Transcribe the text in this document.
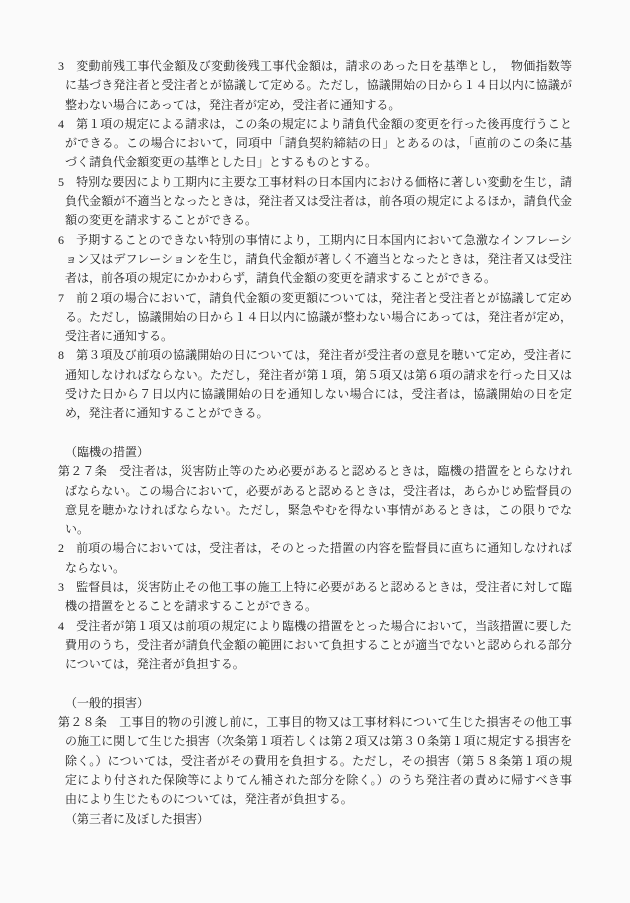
3 変動前残工事代金額及び変動後残工事代金額は，請求のあった日を基準とし，　物価指数等に基づき発注者と受注者とが協議して定める。ただし，協議開始の日から１４日以内に協議が整わない場合にあっては，発注者が定め，受注者に通知する。

4 第１項の規定による請求は，この条の規定により請負代金額の変更を行った後再度行うことができる。この場合において，同項中「請負契約締結の日」とあるのは，「直前のこの条に基づく請負代金額変更の基準とした日」とするものとする。

5 特別な要因により工期内に主要な工事材料の日本国内における価格に著しい変動を生じ，請負代金額が不適当となったときは，発注者又は受注者は，前各項の規定によるほか，請負代金額の変更を請求することができる。

6 予期することのできない特別の事情により，工期内に日本国内において急激なインフレーション又はデフレーションを生じ，請負代金額が著しく不適当となったときは，発注者又は受注者は，前各項の規定にかかわらず，請負代金額の変更を請求することができる。

7 前２項の場合において，請負代金額の変更額については，発注者と受注者とが協議して定める。ただし，協議開始の日から１４日以内に協議が整わない場合にあっては，発注者が定め，受注者に通知する。

8 第３項及び前項の協議開始の日については，発注者が受注者の意見を聴いて定め，受注者に通知しなければならない。ただし，発注者が第１項，第５項又は第６項の請求を行った日又は受けた日から７日以内に協議開始の日を通知しない場合には，受注者は，協議開始の日を定め，発注者に通知することができる。

（臨機の措置）

第２７条 受注者は，災害防止等のため必要があると認めるときは，臨機の措置をとらなければならない。この場合において，必要があると認めるときは，受注者は，あらかじめ監督員の意見を聴かなければならない。ただし，緊急やむを得ない事情があるときは，この限りでない。

2 前項の場合においては，受注者は，そのとった措置の内容を監督員に直ちに通知しなければならない。

3 監督員は，災害防止その他工事の施工上特に必要があると認めるときは，受注者に対して臨機の措置をとることを請求することができる。

4 受注者が第１項又は前項の規定により臨機の措置をとった場合において，当該措置に要した費用のうち，受注者が請負代金額の範囲において負担することが適当でないと認められる部分については，発注者が負担する。

（一般的損害）

第２８条 工事目的物の引渡し前に，工事目的物又は工事材料について生じた損害その他工事の施工に関して生じた損害（次条第１項若しくは第２項又は第３０条第１項に規定する損害を除く。）については，受注者がその費用を負担する。ただし，その損害（第５８条第１項の規定により付された保険等によりてん補された部分を除く。）のうち発注者の責めに帰すべき事由により生じたものについては，発注者が負担する。

（第三者に及ぼした損害）
